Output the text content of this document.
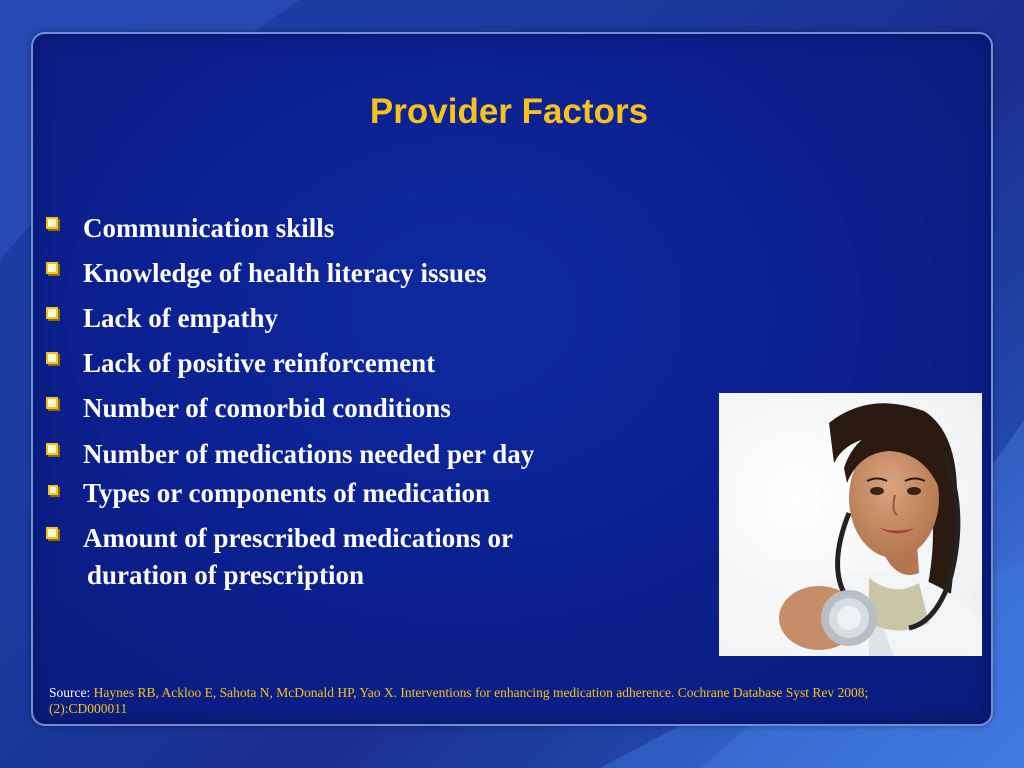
Provider Factors
Communication skills
Knowledge of health literacy issues
Lack of empathy
Lack of positive reinforcement
Number of comorbid conditions
Number of medications needed per day
Types or components of medication
Amount of prescribed medications or
duration of prescription
Source: Haynes RB, Ackloo E, Sahota N, McDonald HP, Yao X. Interventions for enhancing medication adherence. Cochrane Database Syst Rev 2008;(2):CD000011
